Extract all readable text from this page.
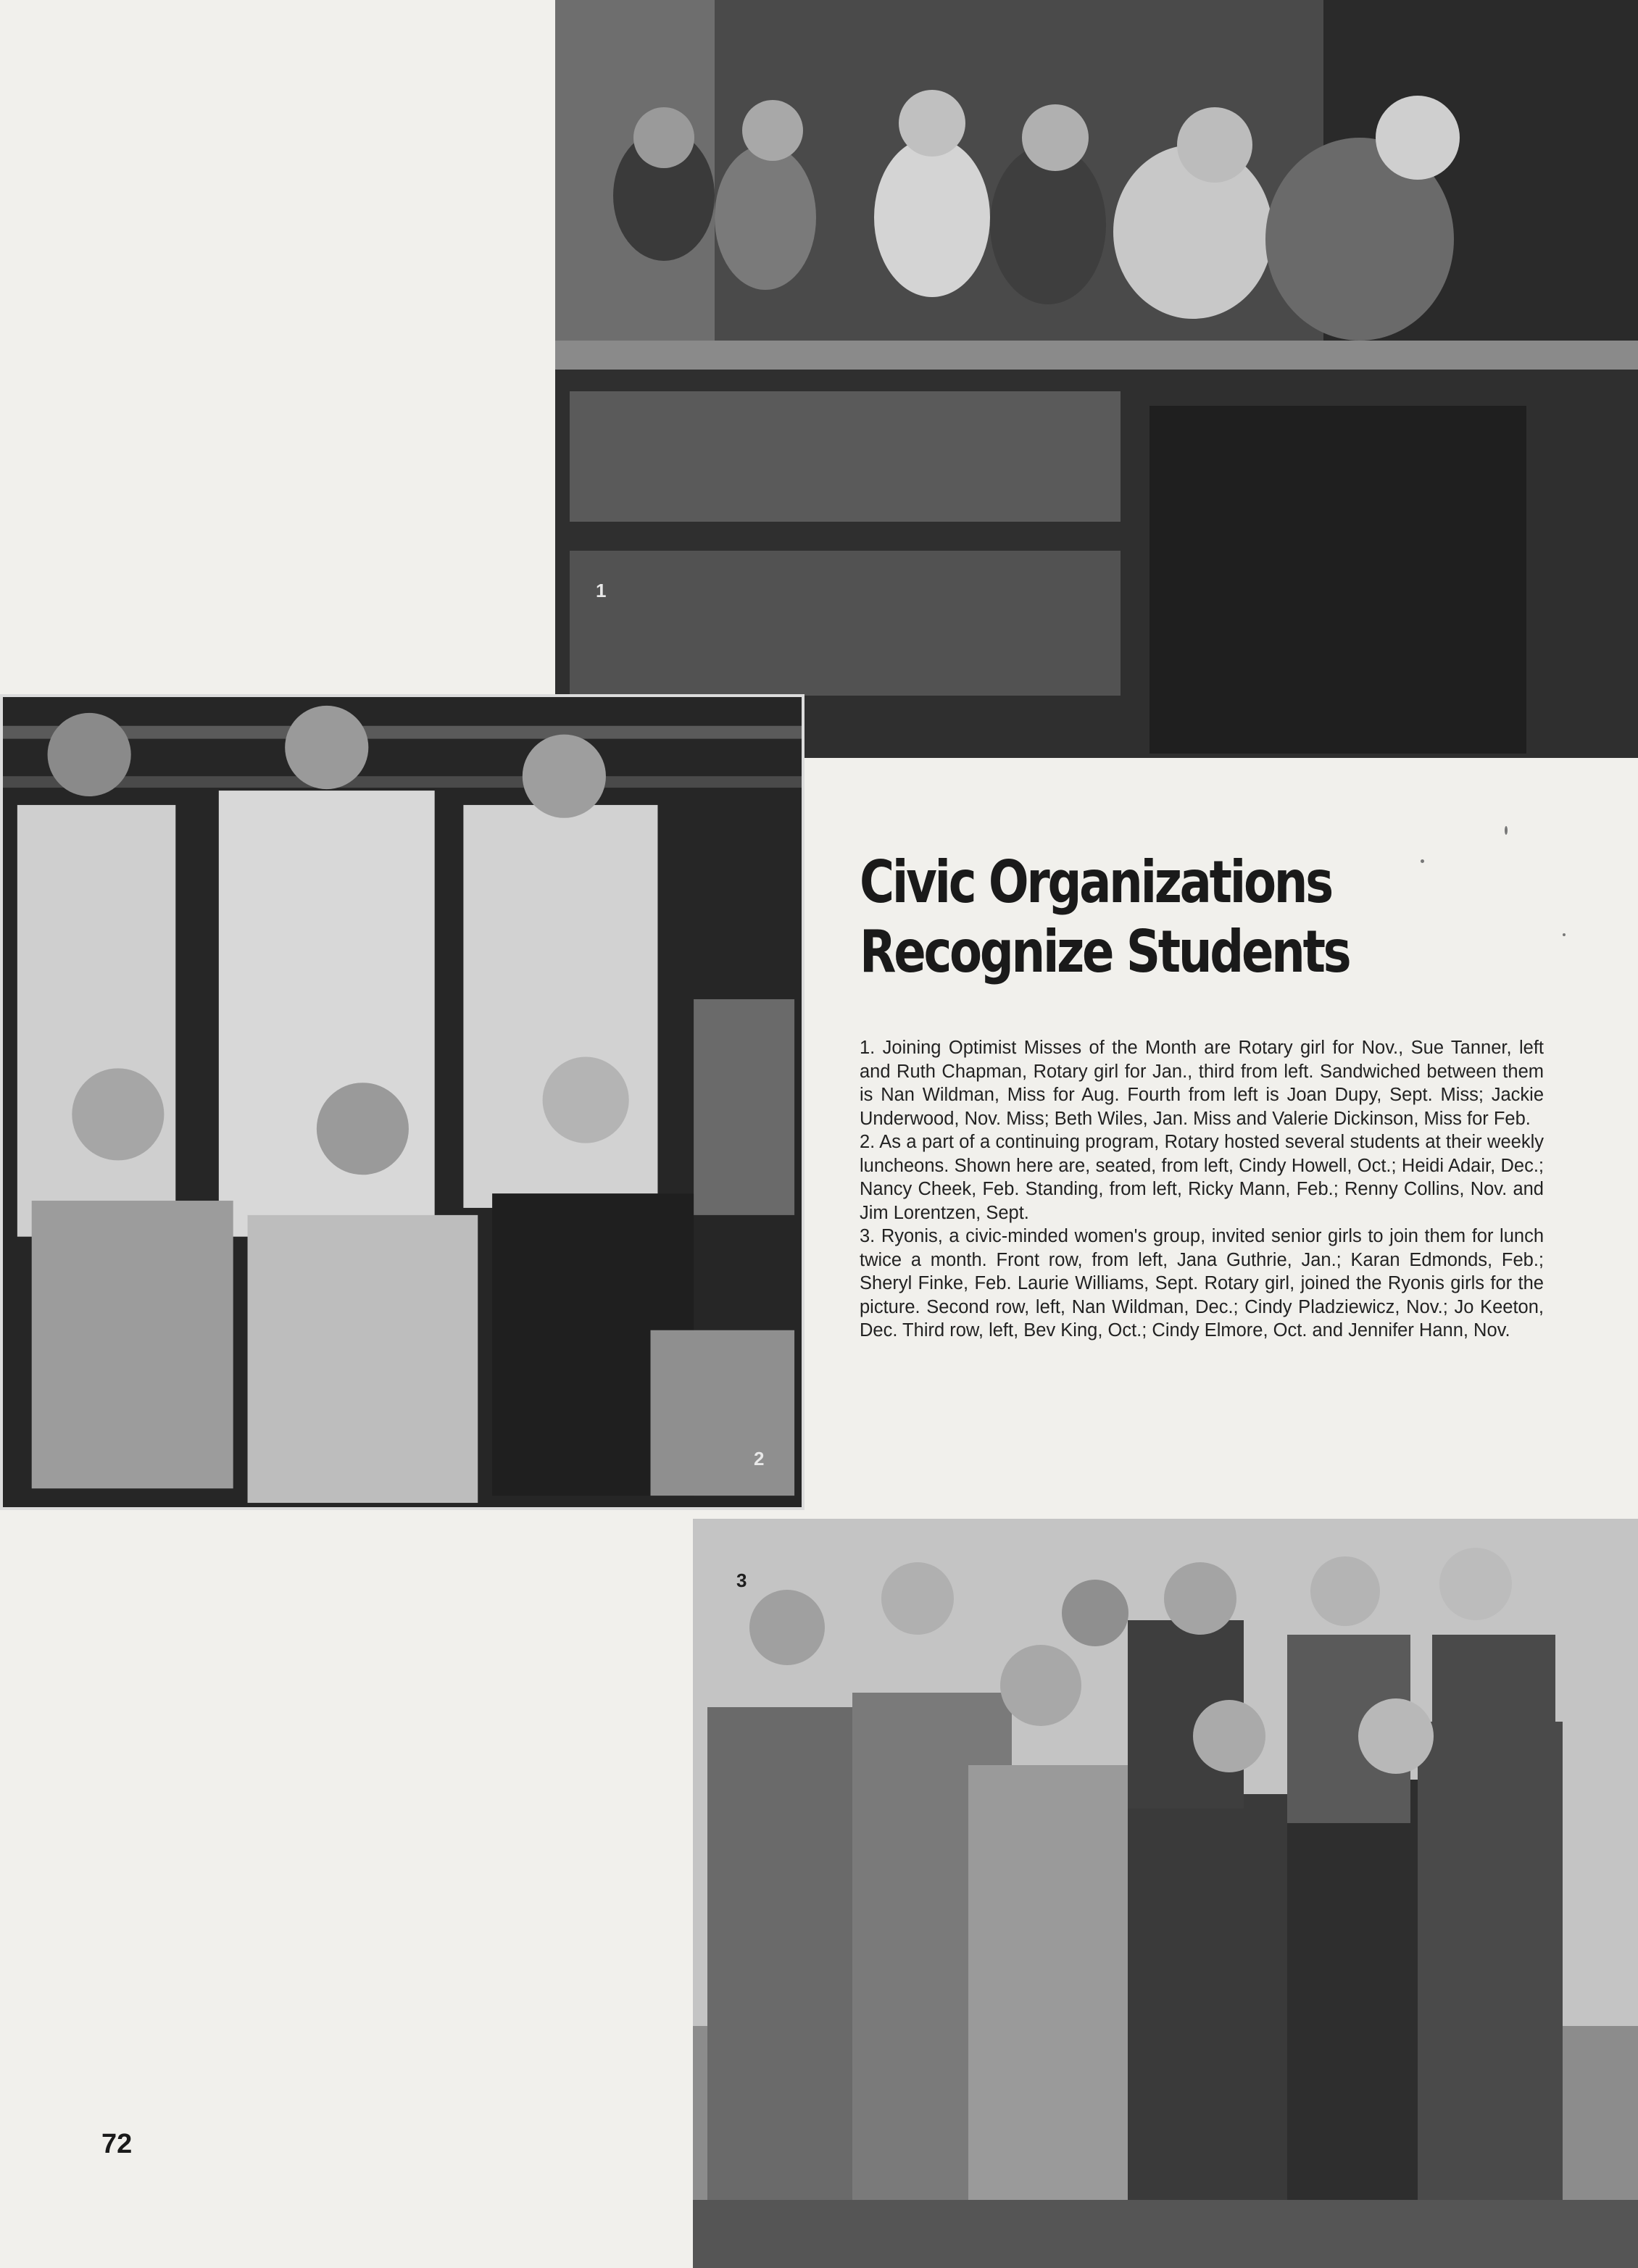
1
2
3
Civic Organizations
Recognize Students

1. Joining Optimist Misses of the Month are Rotary girl for Nov., Sue Tanner, left and Ruth Chapman, Rotary girl for Jan., third from left. Sandwiched between them is Nan Wildman, Miss for Aug. Fourth from left is Joan Dupy, Sept. Miss; Jackie Underwood, Nov. Miss; Beth Wiles, Jan. Miss and Valerie Dickinson, Miss for Feb.

2. As a part of a continuing program, Rotary hosted several students at their weekly luncheons. Shown here are, seated, from left, Cindy Howell, Oct.; Heidi Adair, Dec.; Nancy Cheek, Feb. Standing, from left, Ricky Mann, Feb.; Renny Collins, Nov. and Jim Lorentzen, Sept.

3. Ryonis, a civic-minded women's group, invited senior girls to join them for lunch twice a month. Front row, from left, Jana Guthrie, Jan.; Karan Edmonds, Feb.; Sheryl Finke, Feb. Laurie Williams, Sept. Rotary girl, joined the Ryonis girls for the picture. Second row, left, Nan Wildman, Dec.; Cindy Pladziewicz, Nov.; Jo Keeton, Dec. Third row, left, Bev King, Oct.; Cindy Elmore, Oct. and Jennifer Hann, Nov.

72
